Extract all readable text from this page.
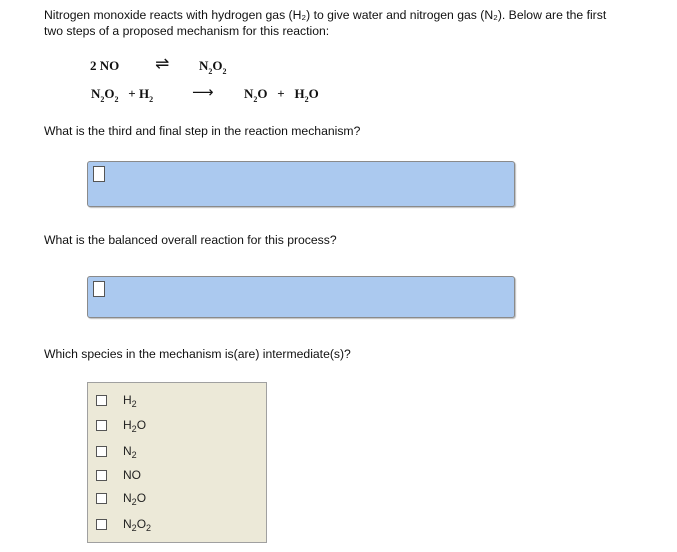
Nitrogen monoxide reacts with hydrogen gas (H₂) to give water and nitrogen gas (N₂). Below are the first
two steps of a proposed mechanism for this reaction:
2 NO ⇌ $N_2O_2$
$N_2O_2 + H_2$	⟶ $N_2O + H_2O$
What is the third and final step in the reaction mechanism?
What is the balanced overall reaction for this process?
Which species in the mechanism is(are) intermediate(s)?
$H_2$
$H_2O$
$N_2$
NO
$N_2O$
$N_2O_2$
